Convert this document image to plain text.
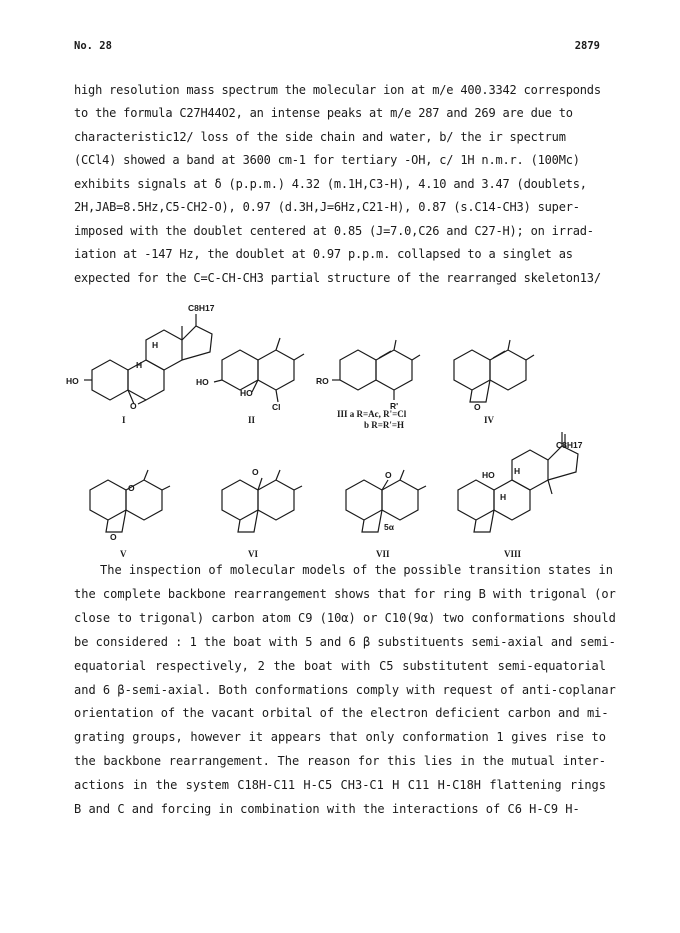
No. 28	2879
high resolution mass spectrum the molecular ion at m/e 400.3342 corresponds
to the formula C27H44O2, an intense peaks at m/e 287 and 269 are due to
characteristic12/ loss of the side chain and water, b/ the ir spectrum
(CCl4) showed a band at 3600 cm-1 for tertiary -OH, c/ 1H n.m.r. (100Mc)
exhibits signals at δ (p.p.m.) 4.32 (m.1H,C3-H), 4.10 and 3.47 (doublets,
2H,JAB=8.5Hz,C5-CH2-O), 0.97 (d.3H,J=6Hz,C21-H), 0.87 (s.C14-CH3) super-
imposed with the doublet centered at 0.85 (J=7.0,C26 and C27-H); on irrad-
iation at -147 Hz, the doublet at 0.97 p.p.m. collapsed to a singlet as
expected for the C=C-CH-CH3 partial structure of the rearranged skeleton13/
C8H17
H
H
HO
O
HO
HO
Cl
RO
R'	O
O
O
O	O
5α
C8H17
HO H
H
I	II
III a R=Ac, R'=Cl
b R=R'=H	IV
V	VI	VII	VIII
The inspection of molecular models of the possible transition states in
the complete backbone rearrangement shows that for ring B with trigonal (or
close to trigonal) carbon atom C9 (10α) or C10(9α) two conformations should
be considered : 1 the boat with 5 and 6 β substituents semi-axial and semi-
equatorial respectively, 2 the boat with C5 substitutent semi-equatorial
and 6 β-semi-axial. Both conformations comply with request of anti-coplanar
orientation of the vacant orbital of the electron deficient carbon and mi-
grating groups, however it appears that only conformation 1 gives rise to
the backbone rearrangement. The reason for this lies in the mutual inter-
actions in the system C18H-C11 H-C5 CH3-C1 H C11 H-C18H flattening rings
B and C and forcing in combination with the interactions of C6 H-C9 H-
